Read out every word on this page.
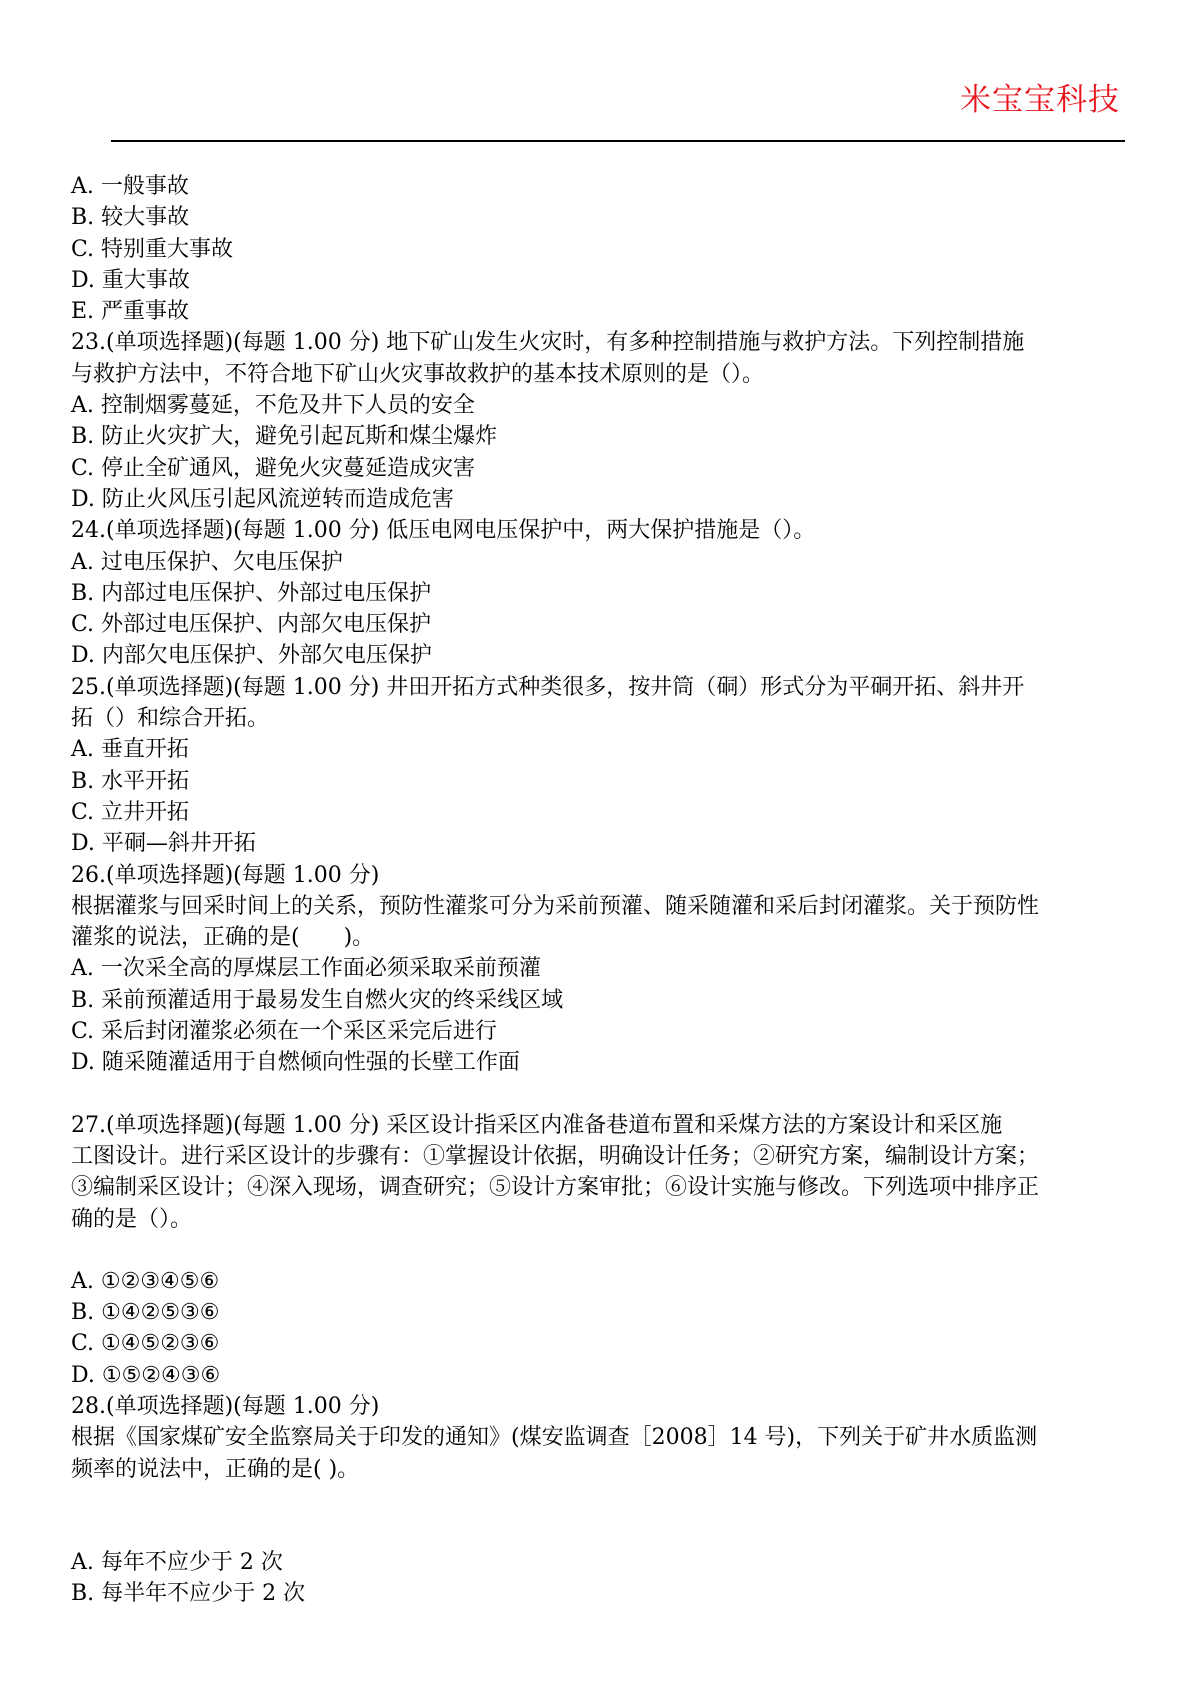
米宝宝科技
A. 一般事故
B. 较大事故
C. 特别重大事故
D. 重大事故
E. 严重事故
23.(单项选择题)(每题 1.00 分) 地下矿山发生火灾时，有多种控制措施与救护方法。下列控制措施
与救护方法中，不符合地下矿山火灾事故救护的基本技术原则的是（）。
A. 控制烟雾蔓延，不危及井下人员的安全
B. 防止火灾扩大，避免引起瓦斯和煤尘爆炸
C. 停止全矿通风，避免火灾蔓延造成灾害
D. 防止火风压引起风流逆转而造成危害
24.(单项选择题)(每题 1.00 分) 低压电网电压保护中，两大保护措施是（）。
A. 过电压保护、欠电压保护
B. 内部过电压保护、外部过电压保护
C. 外部过电压保护、内部欠电压保护
D. 内部欠电压保护、外部欠电压保护
25.(单项选择题)(每题 1.00 分) 井田开拓方式种类很多，按井筒（硐）形式分为平硐开拓、斜井开
拓（）和综合开拓。
A. 垂直开拓
B. 水平开拓
C. 立井开拓
D. 平硐—斜井开拓
26.(单项选择题)(每题 1.00 分)
根据灌浆与回采时间上的关系，预防性灌浆可分为采前预灌、随采随灌和采后封闭灌浆。关于预防性
灌浆的说法，正确的是(　　)。
A. 一次采全高的厚煤层工作面必须采取采前预灌
B. 采前预灌适用于最易发生自燃火灾的终采线区域
C. 采后封闭灌浆必须在一个采区采完后进行
D. 随采随灌适用于自燃倾向性强的长壁工作面
27.(单项选择题)(每题 1.00 分) 采区设计指采区内准备巷道布置和采煤方法的方案设计和采区施
工图设计。进行采区设计的步骤有：①掌握设计依据，明确设计任务；②研究方案，编制设计方案；
③编制采区设计；④深入现场，调查研究；⑤设计方案审批；⑥设计实施与修改。下列选项中排序正
确的是（）。
A. ①②③④⑤⑥
B. ①④②⑤③⑥
C. ①④⑤②③⑥
D. ①⑤②④③⑥
28.(单项选择题)(每题 1.00 分)
根据《国家煤矿安全监察局关于印发的通知》(煤安监调查［2008］14 号)，下列关于矿井水质监测
频率的说法中，正确的是( )。
A. 每年不应少于 2 次
B. 每半年不应少于 2 次
